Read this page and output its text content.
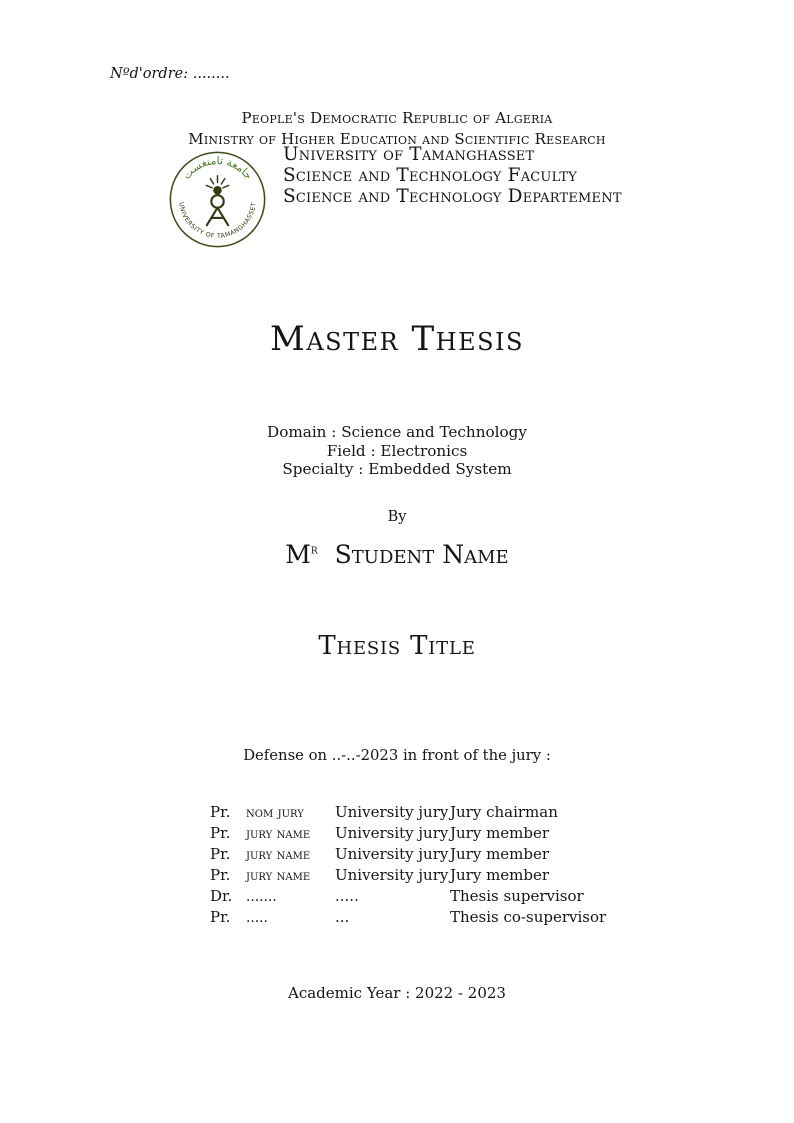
Nºd'ordre: ........
People's Democratic Republic of Algeria
Ministry of Higher Education and Scientific Research
جامعة تامنغست
UNIVERSITY OF TAMANGHASSET
University of Tamanghasset
Science and Technology Faculty
Science and Technology Departement
Master Thesis
Domain : Science and Technology
Field : Electronics
Specialty : Embedded System
By
$M^r$ Student Name
Thesis Title
Defense on ..-..-2023 in front of the jury :
Pr.	nom jury	University jury	Jury chairman
Pr.	jury name	University jury	Jury member
Pr.	jury name	University jury	Jury member
Pr.	jury name	University jury	Jury member
Dr.	.......	.....	Thesis supervisor
Pr.	.....	...	Thesis co-supervisor
Academic Year : 2022 - 2023
